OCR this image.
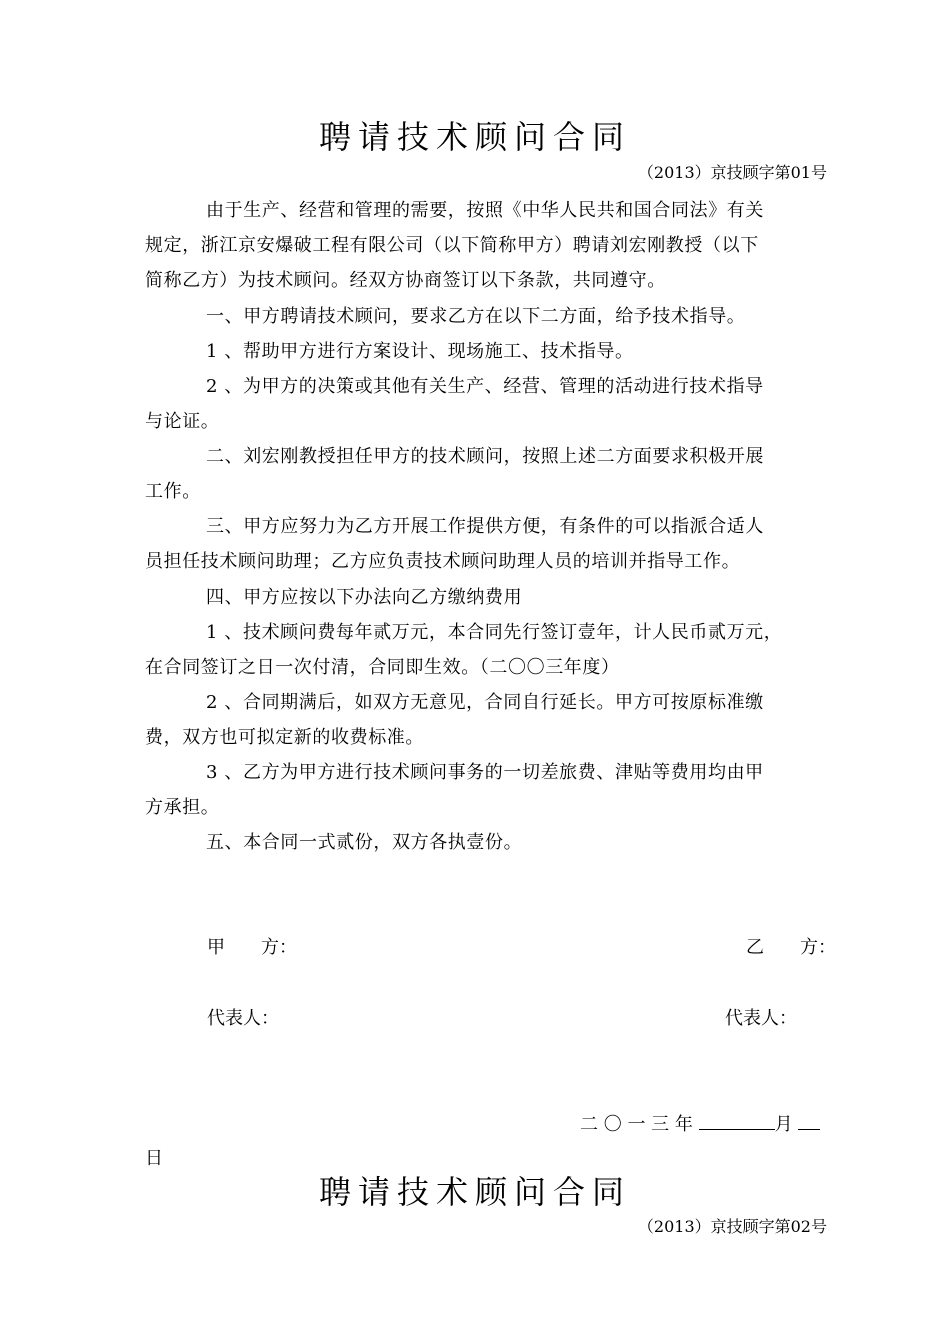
聘请技术顾问合同
（2013）京技顾字第01号
由于生产、经营和管理的需要，按照《中华人民共和国合同法》有关
规定，浙江京安爆破工程有限公司（以下简称甲方）聘请刘宏刚教授（以下
简称乙方）为技术顾问。经双方协商签订以下条款，共同遵守。
一、甲方聘请技术顾问，要求乙方在以下二方面，给予技术指导。
1 、帮助甲方进行方案设计、现场施工、技术指导。
2 、为甲方的决策或其他有关生产、经营、管理的活动进行技术指导
与论证。
二、刘宏刚教授担任甲方的技术顾问，按照上述二方面要求积极开展
工作。
三、甲方应努力为乙方开展工作提供方便，有条件的可以指派合适人
员担任技术顾问助理；乙方应负责技术顾问助理人员的培训并指导工作。
四、甲方应按以下办法向乙方缴纳费用
1 、技术顾问费每年贰万元，本合同先行签订壹年，计人民币贰万元，
在合同签订之日一次付清，合同即生效。（二〇〇三年度）
2 、合同期满后，如双方无意见，合同自行延长。甲方可按原标准缴
费，双方也可拟定新的收费标准。
3 、乙方为甲方进行技术顾问事务的一切差旅费、津贴等费用均由甲
方承担。
五、本合同一式贰份，双方各执壹份。
甲　　方：	乙　　方：
代表人：	代表人：
二 〇 一 三 年	月
日
聘请技术顾问合同
（2013）京技顾字第02号
